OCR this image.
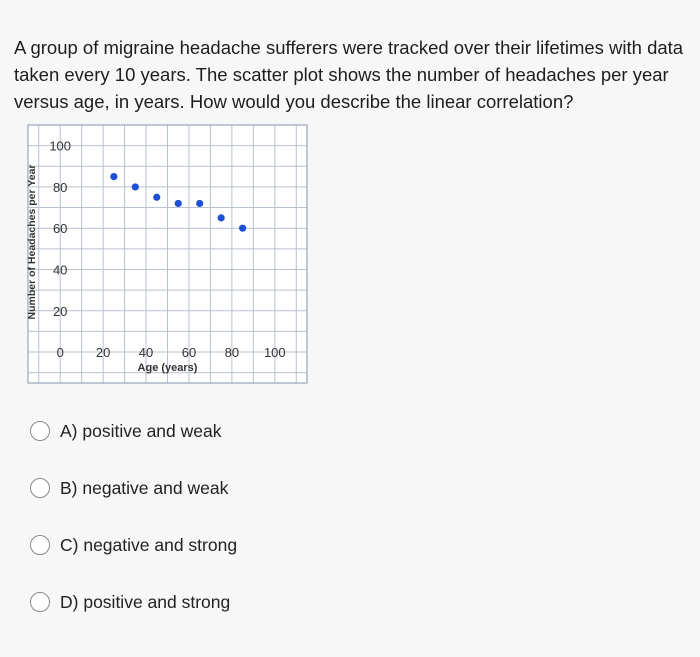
A group of migraine headache sufferers were tracked over their lifetimes with data taken every 10 years. The scatter plot shows the number of headaches per year versus age, in years. How would you describe the linear correlation?
20
40
60
80
100
0 20 40 60 80 100
Age (years)
Number of Headaches per Year
A) positive and weak
B) negative and weak
C) negative and strong
D) positive and strong
